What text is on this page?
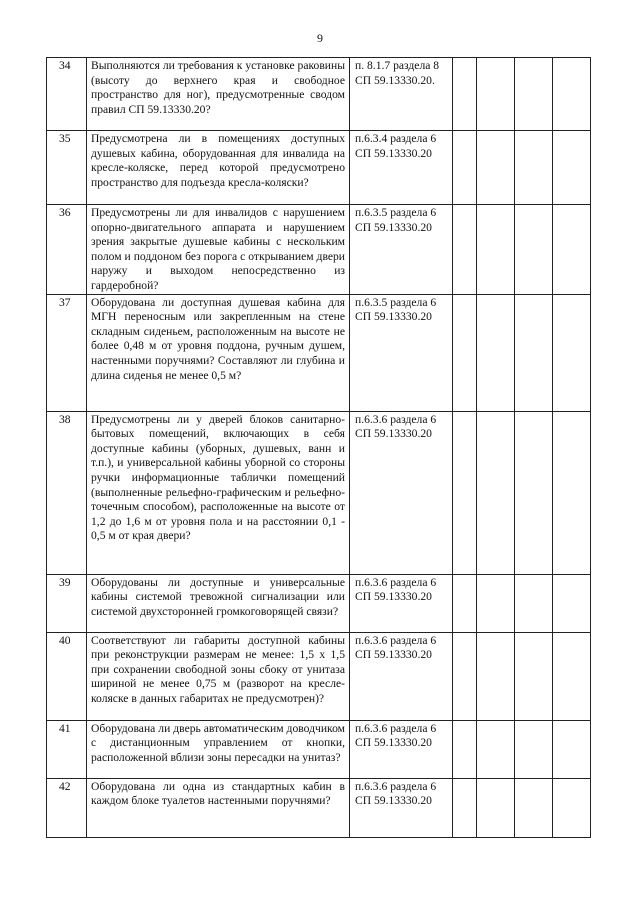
9
34	Выполняются ли требования к установке раковины (высоту до верхнего края и свободное пространство для ног), предусмотренные сводом правил СП 59.13330.20?	п. 8.1.7 раздела 8 СП 59.13330.20.				
35	Предусмотрена ли в помещениях доступных душевых кабина, оборудованная для инвалида на кресле-коляске, перед которой предусмотрено пространство для подъезда кресла-коляски?	п.6.3.4 раздела 6 СП 59.13330.20				
36	Предусмотрены ли для инвалидов с нарушением опорно-двигательного аппарата и нарушением зрения закрытые душевые кабины с нескольким полом и поддоном без порога с открыванием двери наружу и выходом непосредственно из гардеробной?	п.6.3.5 раздела 6 СП 59.13330.20				
37	Оборудована ли доступная душевая кабина для МГН переносным или закрепленным на стене складным сиденьем, расположенным на высоте не более 0,48 м от уровня поддона, ручным душем, настенными поручнями? Составляют ли глубина и длина сиденья не менее 0,5 м?	п.6.3.5 раздела 6 СП 59.13330.20				
38	Предусмотрены ли у дверей блоков санитарно-бытовых помещений, включающих в себя доступные кабины (уборных, душевых, ванн и т.п.), и универсальной кабины уборной со стороны ручки информационные таблички помещений (выполненные рельефно-графическим и рельефно-точечным способом), расположенные на высоте от 1,2 до 1,6 м от уровня пола и на расстоянии 0,1 - 0,5 м от края двери?	п.6.3.6 раздела 6 СП 59.13330.20				
39	Оборудованы ли доступные и универсальные кабины системой тревожной сигнализации или системой двухсторонней громкоговорящей связи?	п.6.3.6 раздела 6 СП 59.13330.20				
40	Соответствуют ли габариты доступной кабины при реконструкции размерам не менее: 1,5 х 1,5 при сохранении свободной зоны сбоку от унитаза шириной не менее 0,75 м (разворот на кресле-коляске в данных габаритах не предусмотрен)?	п.6.3.6 раздела 6 СП 59.13330.20				
41	Оборудована ли дверь автоматическим доводчиком с дистанционным управлением от кнопки, расположенной вблизи зоны пересадки на унитаз?	п.6.3.6 раздела 6 СП 59.13330.20				
42	Оборудована ли одна из стандартных кабин в каждом блоке туалетов настенными поручнями?	п.6.3.6 раздела 6 СП 59.13330.20				
